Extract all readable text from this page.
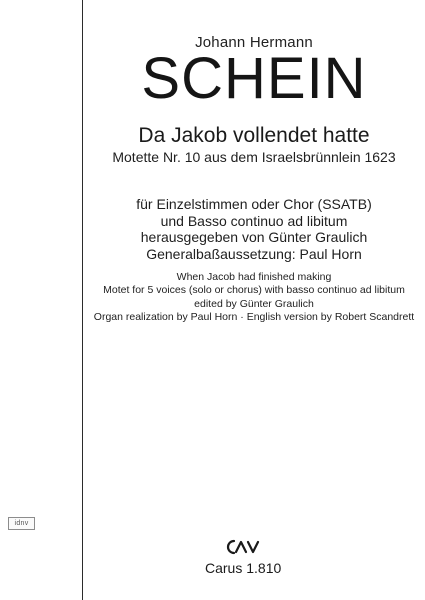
Johann Hermann
SCHEIN
Da Jakob vollendet hatte
Motette Nr. 10 aus dem Israelsbrünnlein 1623
für Einzelstimmen oder Chor (SSATB)
und Basso continuo ad libitum
herausgegeben von Günter Graulich
Generalbaßaussetzung: Paul Horn
When Jacob had finished making
Motet for 5 voices (solo or chorus) with basso continuo ad libitum
edited by Günter Graulich
Organ realization by Paul Horn · English version by Robert Scandrett
idnv
Carus 1.810
